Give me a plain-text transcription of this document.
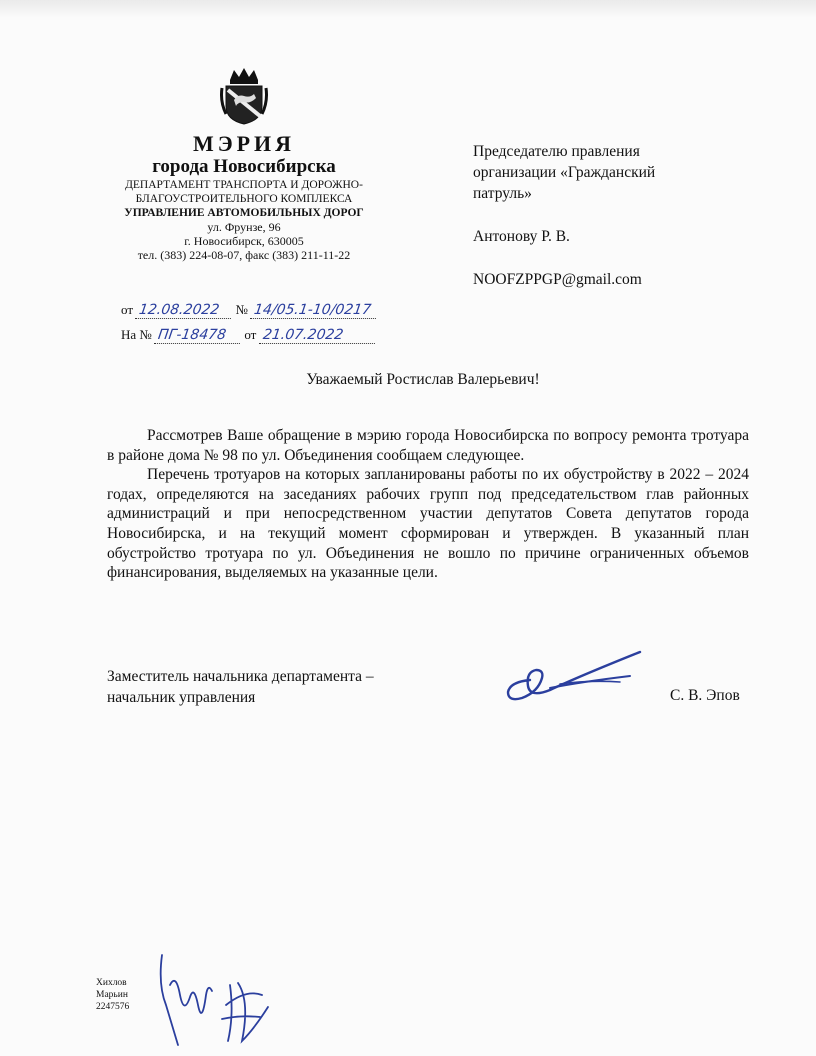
МЭРИЯ
города Новосибирска
ДЕПАРТАМЕНТ ТРАНСПОРТА И ДОРОЖНО-БЛАГОУСТРОИТЕЛЬНОГО КОМПЛЕКСА
УПРАВЛЕНИЕ АВТОМОБИЛЬНЫХ ДОРОГ
ул. Фрунзе, 96
г. Новосибирск, 630005
тел. (383) 224-08-07, факс (383) 211-11-22
от 12.08.2022 № 14/05.1-10/0217
На № ПГ-18478 от 21.07.2022

Председателю правления

организации «Гражданский

патруль»

Антонову Р. В.

NOOFZPPGP@gmail.com

Уважаемый Ростислав Валерьевич!

Рассмотрев Ваше обращение в мэрию города Новосибирска по вопросу ремонта тротуара в районе дома № 98 по ул. Объединения сообщаем следующее.

Перечень тротуаров на которых запланированы работы по их обустройству в 2022 – 2024 годах, определяются на заседаниях рабочих групп под председательством глав районных администраций и при непосредственном участии депутатов Совета депутатов города Новосибирска, и на текущий момент сформирован и утвержден. В указанный план обустройство тротуара по ул. Объединения не вошло по причине ограниченных объемов финансирования, выделяемых на указанные цели.

Заместитель начальника департамента –

начальник управления	С. В. Эпов

Хихлов

Марьин

2247576
